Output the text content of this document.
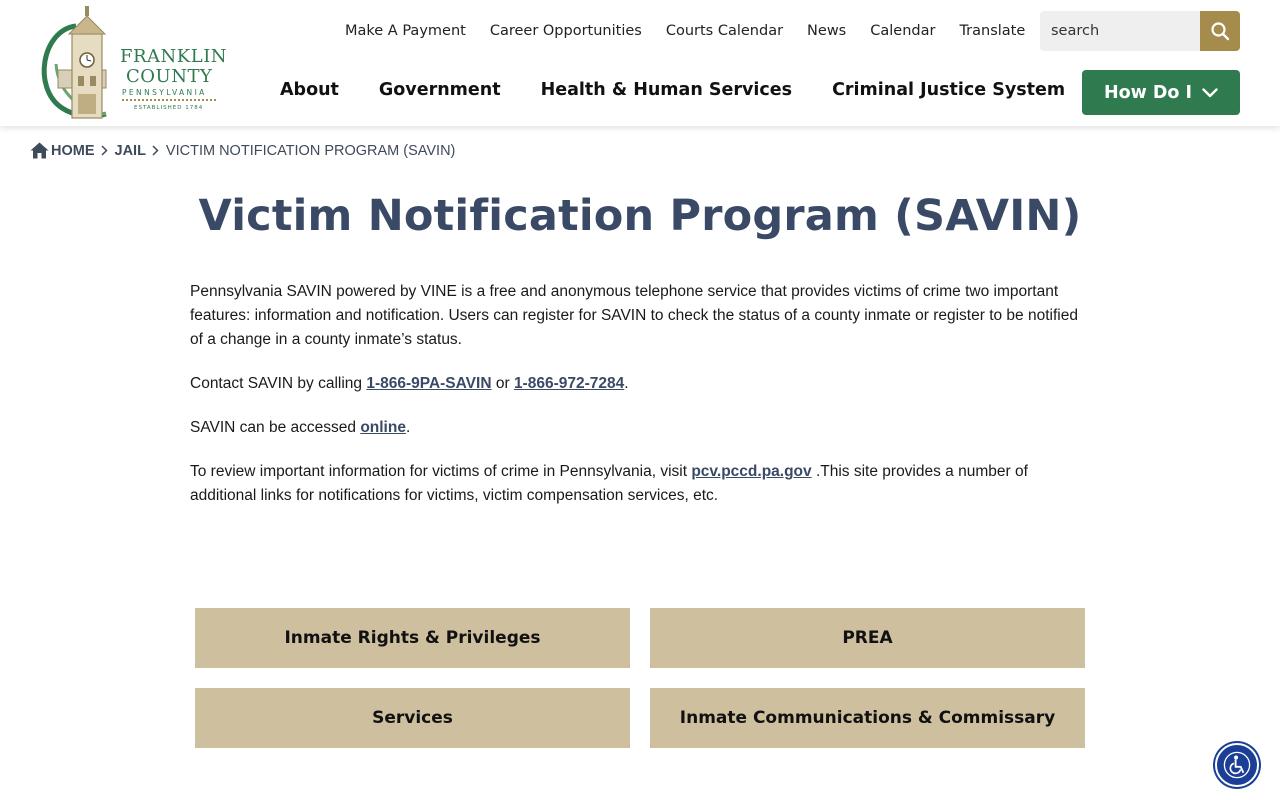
FRANKLIN
COUNTY
PENNSYLVANIA
ESTABLISHED 1784
Make A Payment Career Opportunities Courts Calendar News Calendar Translate
search
About Government Health & Human Services Criminal Justice System How Do I
HOME JAIL VICTIM NOTIFICATION PROGRAM (SAVIN)
Victim Notification Program (SAVIN)

Pennsylvania SAVIN powered by VINE is a free and anonymous telephone service that provides victims of crime two important features: information and notification. Users can register for SAVIN to check the status of a county inmate or register to be notified of a change in a county inmate’s status.

Contact SAVIN by calling 1-866-9PA-SAVIN or 1-866-972-7284.

SAVIN can be accessed online.

To review important information for victims of crime in Pennsylvania, visit pcv.pccd.pa.gov .This site provides a number of additional links for notifications for victims, victim compensation services, etc.

Inmate Rights & Privileges	PREA
Services	Inmate Communications & Commissary
